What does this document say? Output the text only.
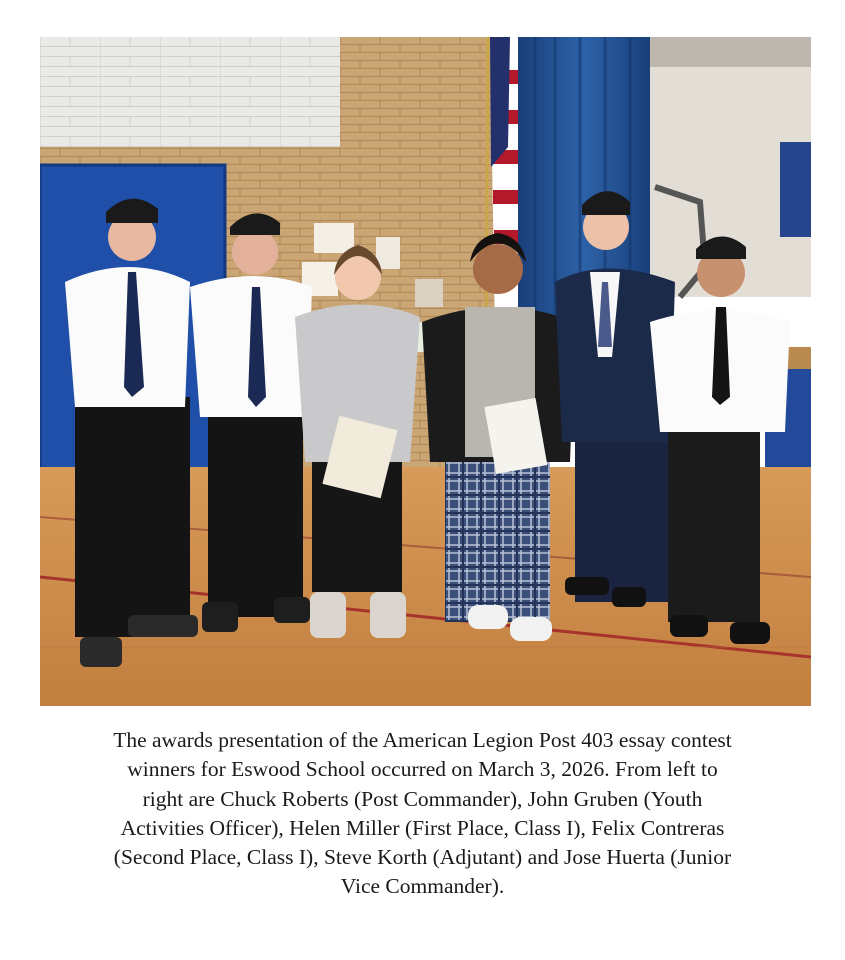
The awards presentation of the American Legion Post 403 essay contest
winners for Eswood School occurred on March 3, 2026. From left to
right are Chuck Roberts (Post Commander), John Gruben (Youth
Activities Officer), Helen Miller (First Place, Class I), Felix Contreras
(Second Place, Class I), Steve Korth (Adjutant) and Jose Huerta (Junior
Vice Commander).
